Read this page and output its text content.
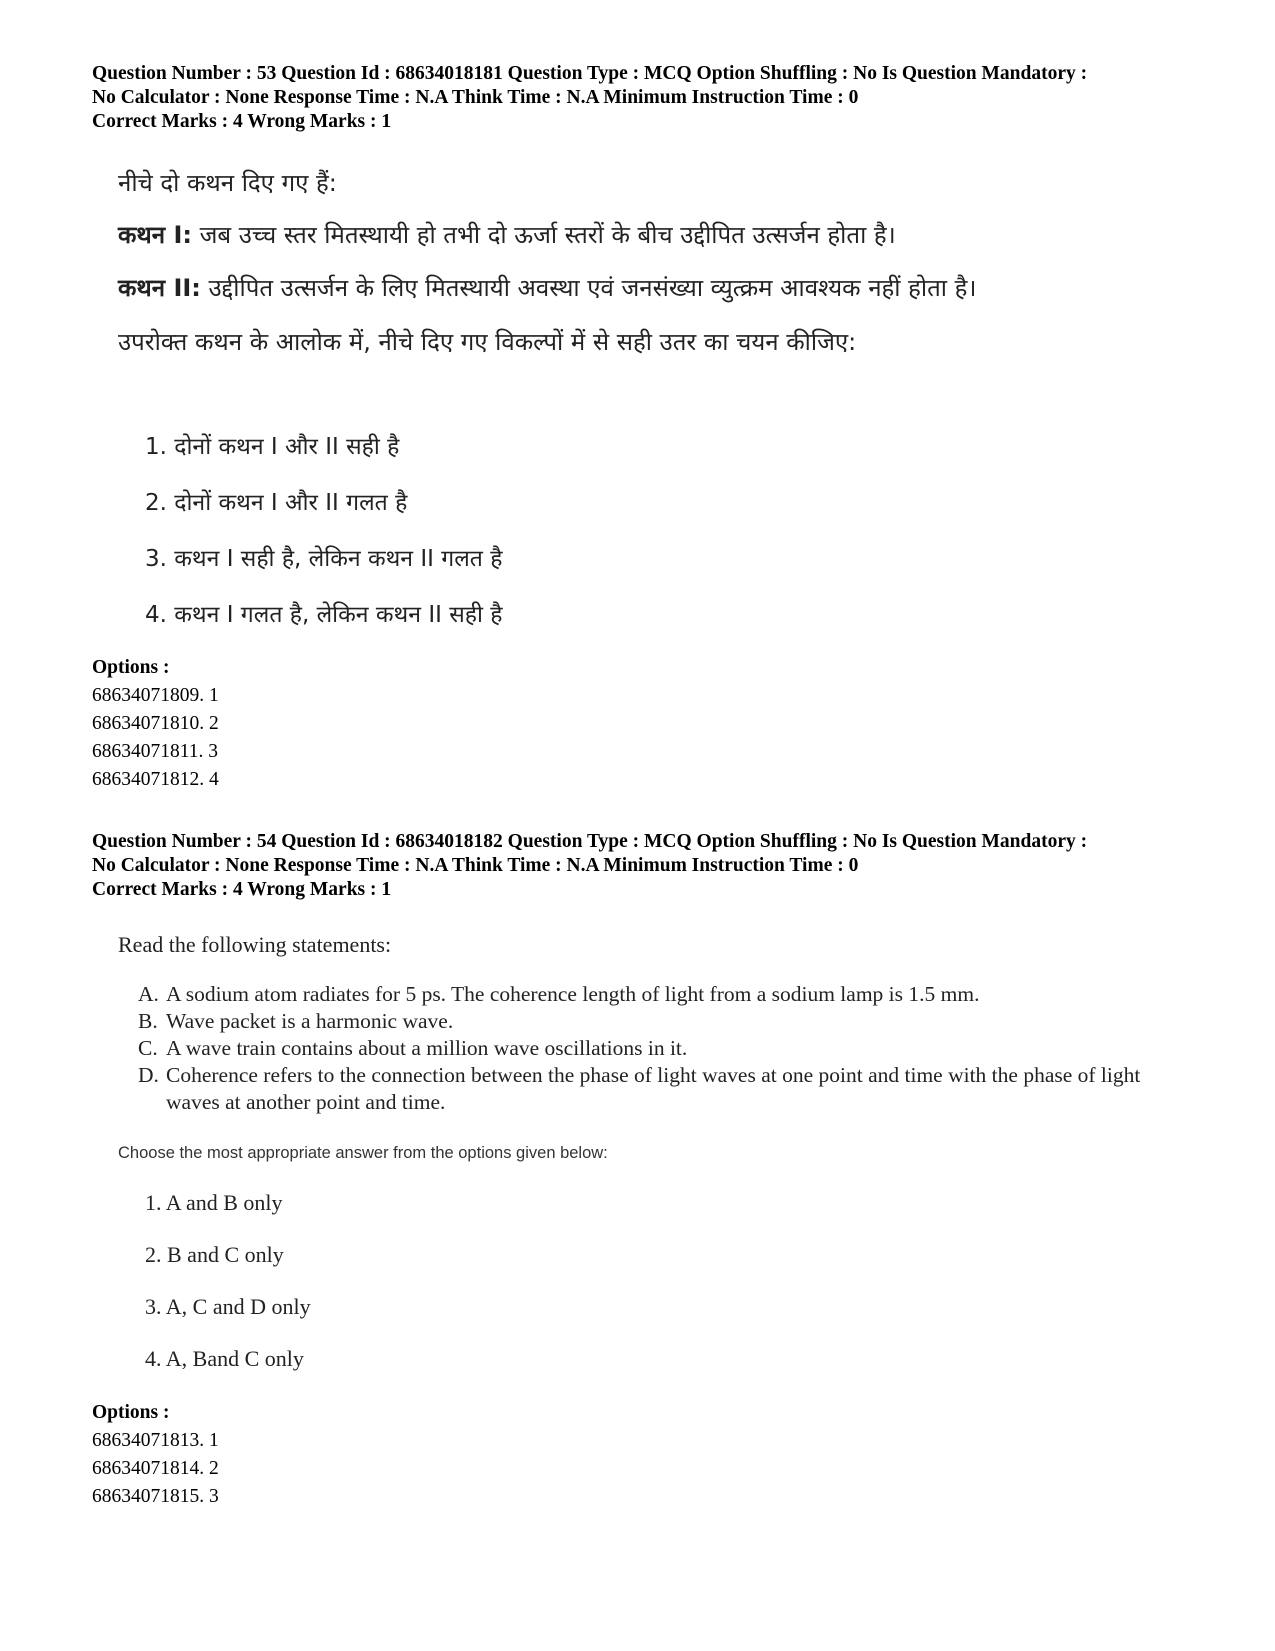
Question Number : 53 Question Id : 68634018181 Question Type : MCQ Option Shuffling : No Is Question Mandatory :

No Calculator : None Response Time : N.A Think Time : N.A Minimum Instruction Time : 0

Correct Marks : 4 Wrong Marks : 1

नीचे दो कथन दिए गए हैं:

कथन I: जब उच्च स्तर मितस्थायी हो तभी दो ऊर्जा स्तरों के बीच उद्दीपित उत्सर्जन होता है।

कथन II: उद्दीपित उत्सर्जन के लिए मितस्थायी अवस्था एवं जनसंख्या व्युत्क्रम आवश्यक नहीं होता है।

उपरोक्त कथन के आलोक में, नीचे दिए गए विकल्पों में से सही उतर का चयन कीजिए:

1. दोनों कथन I और II सही है

2. दोनों कथन I और II गलत है

3. कथन I सही है, लेकिन कथन II गलत है

4. कथन I गलत है, लेकिन कथन II सही है

Options :

68634071809. 1

68634071810. 2

68634071811. 3

68634071812. 4

Question Number : 54 Question Id : 68634018182 Question Type : MCQ Option Shuffling : No Is Question Mandatory :

No Calculator : None Response Time : N.A Think Time : N.A Minimum Instruction Time : 0

Correct Marks : 4 Wrong Marks : 1

Read the following statements:

A. A sodium atom radiates for 5 ps. The coherence length of light from a sodium lamp is 1.5 mm.
B. Wave packet is a harmonic wave.
C. A wave train contains about a million wave oscillations in it.
D. Coherence refers to the connection between the phase of light waves at one point and time with the phase of light waves at another point and time.

Choose the most appropriate answer from the options given below:

1. A and B only

2. B and C only

3. A, C and D only

4. A, Band C only

Options :

68634071813. 1

68634071814. 2

68634071815. 3
